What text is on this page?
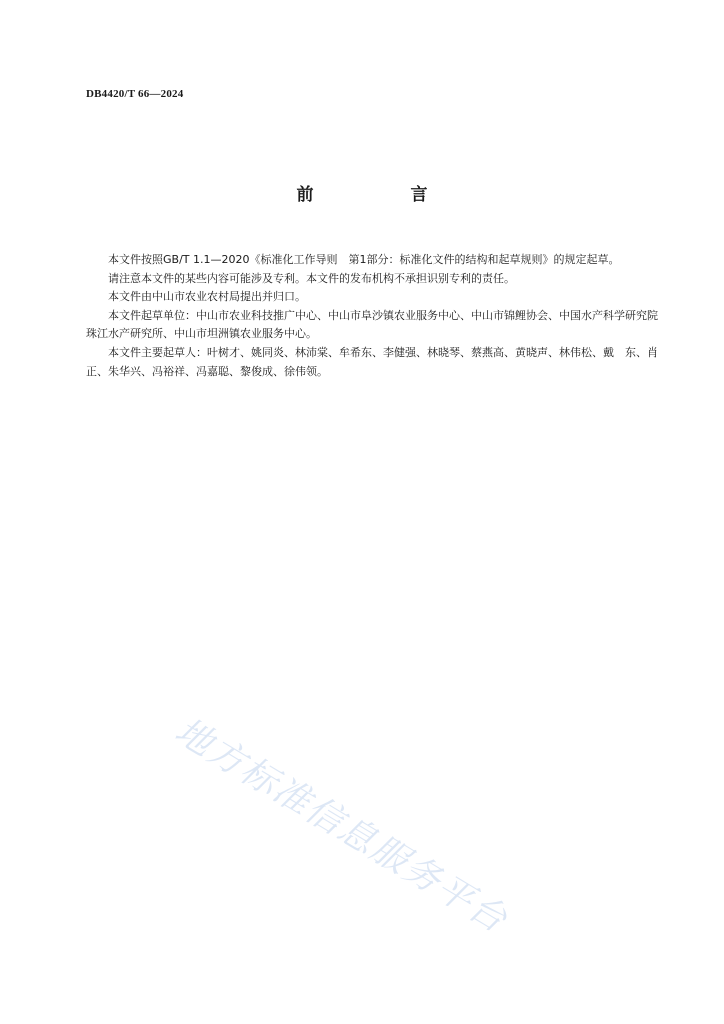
DB4420/T 66—2024
前　言

本文件按照GB/T 1.1—2020《标准化工作导则　第1部分：标准化文件的结构和起草规则》的规定起草。

请注意本文件的某些内容可能涉及专利。本文件的发布机构不承担识别专利的责任。

本文件由中山市农业农村局提出并归口。

本文件起草单位：中山市农业科技推广中心、中山市阜沙镇农业服务中心、中山市锦鲤协会、中国水产科学研究院珠江水产研究所、中山市坦洲镇农业服务中心。

本文件主要起草人：叶树才、姚同炎、林沛棠、牟希东、李健强、林晓琴、蔡燕高、黄晓声、林伟松、戴　东、肖　正、朱华兴、冯裕祥、冯嘉聪、黎俊成、徐伟领。

地方标准信息服务平台
